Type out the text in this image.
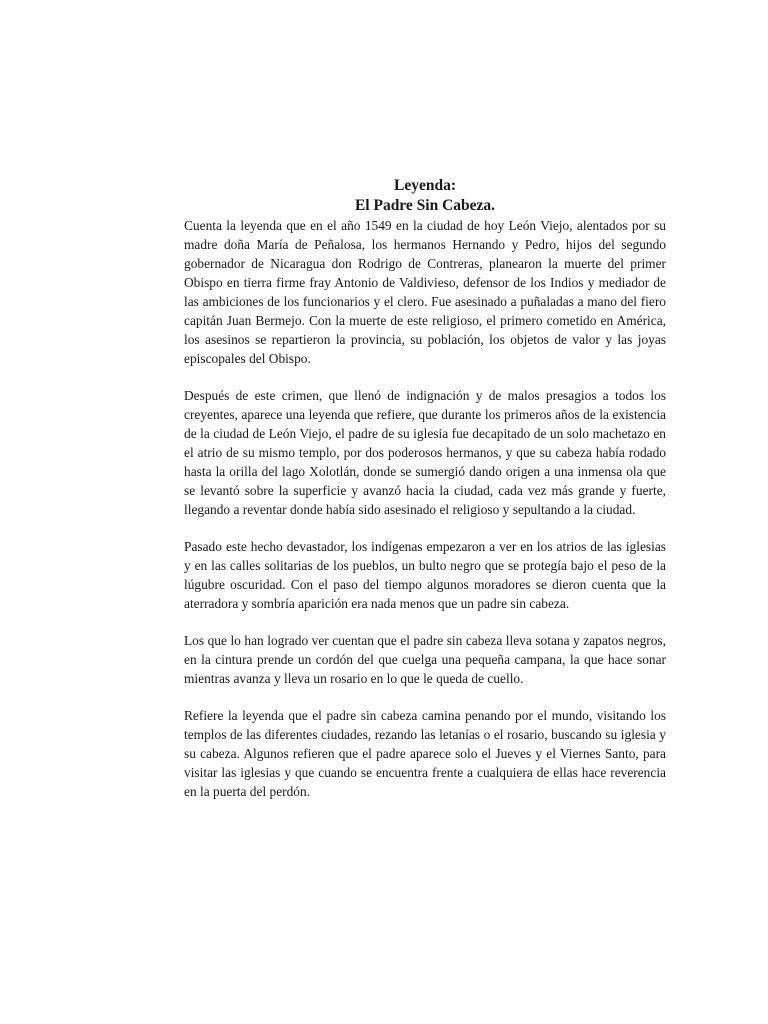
Leyenda:
El Padre Sin Cabeza.

Cuenta la leyenda que en el año 1549 en la ciudad de hoy León Viejo, alentados por su madre doña María de Peñalosa, los hermanos Hernando y Pedro, hijos del segundo gobernador de Nicaragua don Rodrigo de Contreras, planearon la muerte del primer Obispo en tierra firme fray Antonio de Valdivieso, defensor de los Indios y mediador de las ambiciones de los funcionarios y el clero. Fue asesinado a puñaladas a mano del fiero capitán Juan Bermejo. Con la muerte de este religioso, el primero cometido en América, los asesinos se repartieron la provincia, su población, los objetos de valor y las joyas episcopales del Obispo.

Después de este crimen, que llenó de indignación y de malos presagios a todos los creyentes, aparece una leyenda que refiere, que durante los primeros años de la existencia de la ciudad de León Viejo, el padre de su iglesia fue decapitado de un solo machetazo en el atrio de su mismo templo, por dos poderosos hermanos, y que su cabeza había rodado hasta la orilla del lago Xolotlán, donde se sumergió dando origen a una inmensa ola que se levantó sobre la superficie y avanzó hacia la ciudad, cada vez más grande y fuerte, llegando a reventar donde había sido asesinado el religioso y sepultando a la ciudad.

Pasado este hecho devastador, los indígenas empezaron a ver en los atrios de las iglesias y en las calles solitarias de los pueblos, un bulto negro que se protegía bajo el peso de la lúgubre oscuridad. Con el paso del tiempo algunos moradores se dieron cuenta que la aterradora y sombría aparición era nada menos que un padre sin cabeza.

Los que lo han logrado ver cuentan que el padre sin cabeza lleva sotana y zapatos negros, en la cintura prende un cordón del que cuelga una pequeña campana, la que hace sonar mientras avanza y lleva un rosario en lo que le queda de cuello.

Refiere la leyenda que el padre sin cabeza camina penando por el mundo, visitando los templos de las diferentes ciudades, rezando las letanías o el rosario, buscando su iglesia y su cabeza. Algunos refieren que el padre aparece solo el Jueves y el Viernes Santo, para visitar las iglesias y que cuando se encuentra frente a cualquiera de ellas hace reverencia en la puerta del perdón.
